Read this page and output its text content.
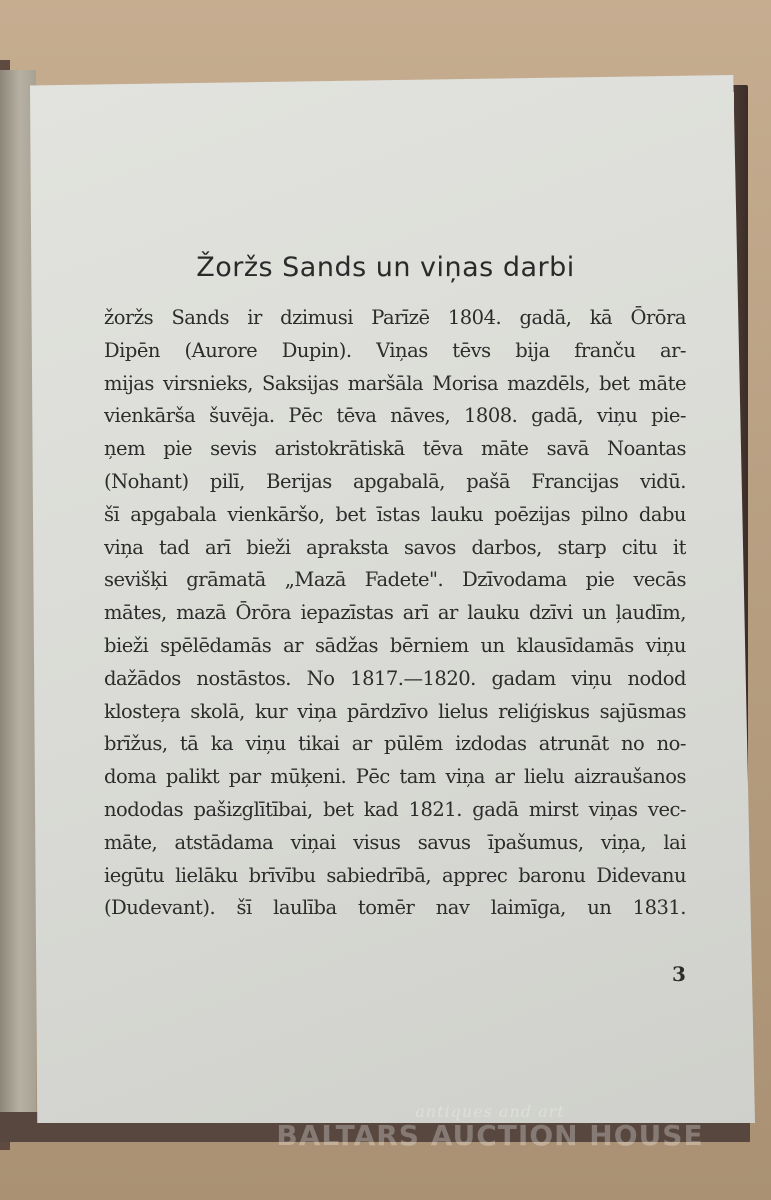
Žoržs Sands un viņas darbi
žoržs Sands ir dzimusi Parīzē 1804. gadā, kā Ōrōra
Dipēn (Aurore Dupin). Viņas tēvs bija franču ar-
mijas virsnieks, Saksijas maršāla Morisa mazdēls, bet māte
vienkārša šuvēja. Pēc tēva nāves, 1808. gadā, viņu pie-
ņem pie sevis aristokrātiskā tēva māte savā Noantas
(Nohant) pilī, Berijas apgabalā, pašā Francijas vidū.
šī apgabala vienkāršo, bet īstas lauku poēzijas pilno dabu
viņa tad arī bieži apraksta savos darbos, starp citu it
sevišķi grāmatā „Mazā Fadete". Dzīvodama pie vecās
mātes, mazā Ōrōra iepazīstas arī ar lauku dzīvi un ļaudīm,
bieži spēlēdamās ar sādžas bērniem un klausīdamās viņu
dažādos nostāstos. No 1817.—1820. gadam viņu nodod
klosteŗa skolā, kur viņa pārdzīvo lielus reliģiskus sajūsmas
brīžus, tā ka viņu tikai ar pūlēm izdodas atrunāt no no-
doma palikt par mūķeni. Pēc tam viņa ar lielu aizraušanos
nododas pašizglītībai, bet kad 1821. gadā mirst viņas vec-
māte, atstādama viņai visus savus īpašumus, viņa, lai
iegūtu lielāku brīvību sabiedrībā, apprec baronu Didevanu
(Dudevant). šī laulība tomēr nav laimīga, un 1831.
3
antiques and art
BALTARS AUCTION HOUSE
